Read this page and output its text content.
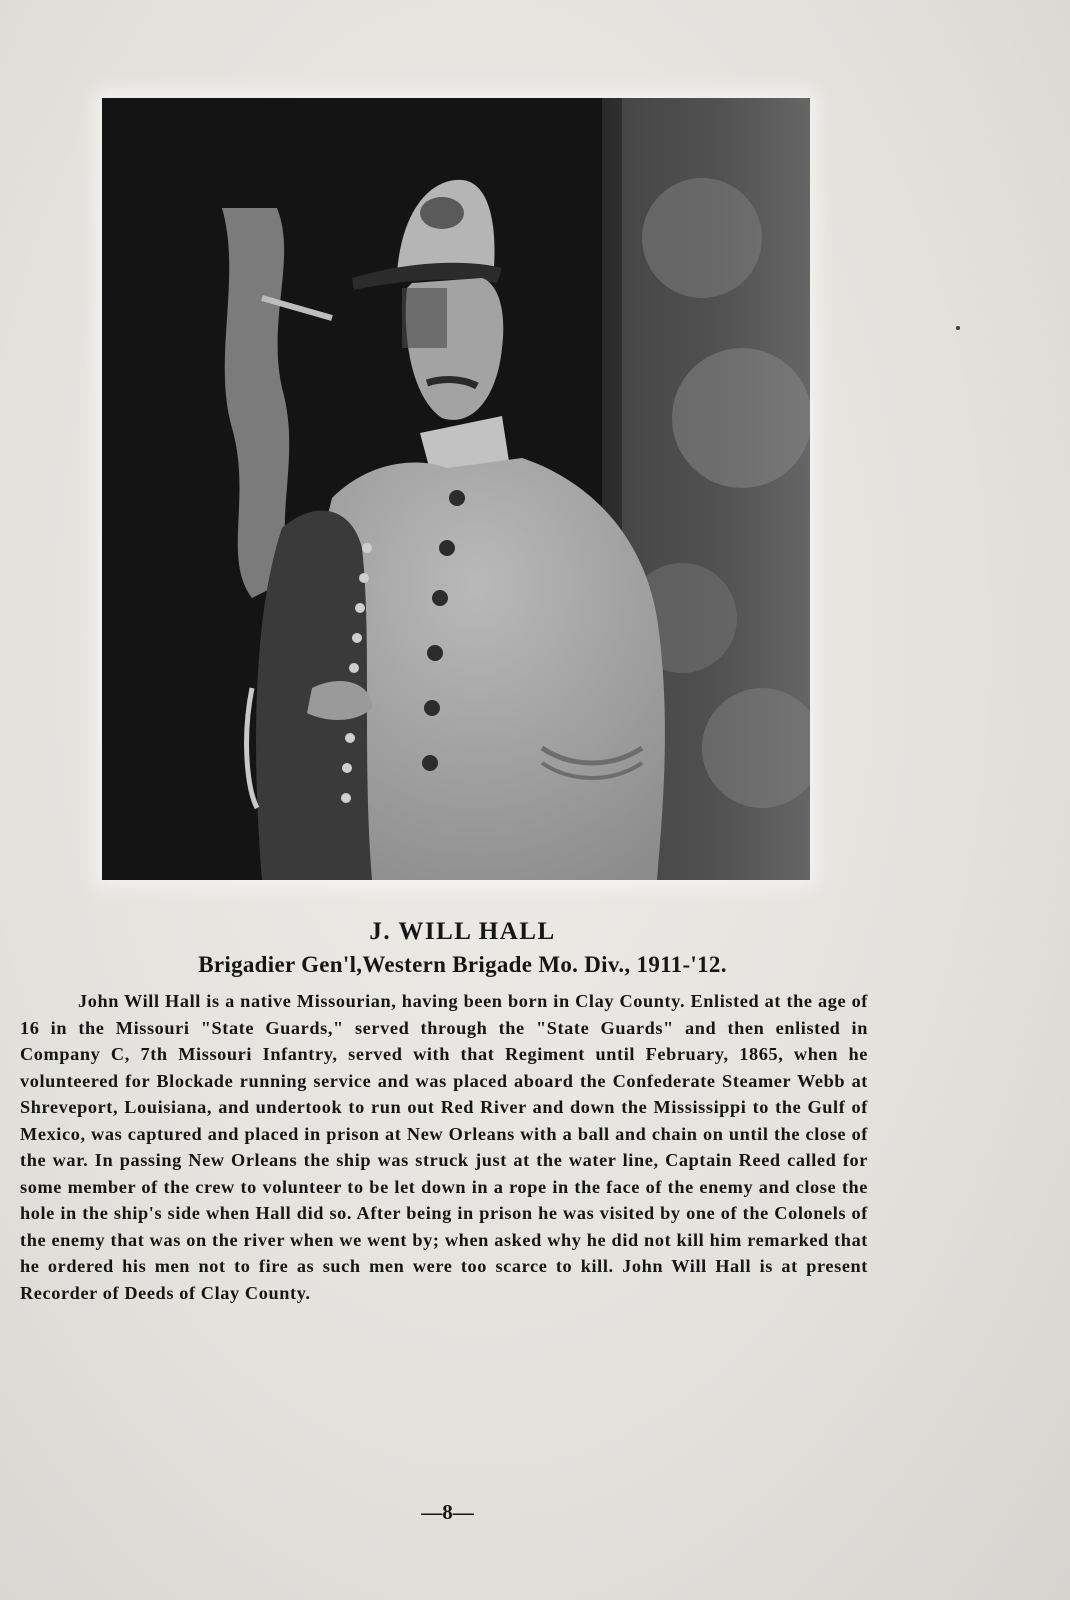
J. WILL HALL
Brigadier Gen'l,Western Brigade Mo. Div., 1911-'12.

John Will Hall is a native Missourian, having been born in Clay County. Enlisted at the age of 16 in the Missouri "State Guards," served through the "State Guards" and then enlisted in Company C, 7th Missouri Infantry, served with that Regiment until February, 1865, when he volunteered for Blockade running service and was placed aboard the Confederate Steamer Webb at Shreveport, Louisiana, and undertook to run out Red River and down the Mississippi to the Gulf of Mexico, was captured and placed in prison at New Orleans with a ball and chain on until the close of the war. In passing New Orleans the ship was struck just at the water line, Captain Reed called for some member of the crew to volunteer to be let down in a rope in the face of the enemy and close the hole in the ship's side when Hall did so. After being in prison he was visited by one of the Colonels of the enemy that was on the river when we went by; when asked why he did not kill him remarked that he ordered his men not to fire as such men were too scarce to kill. John Will Hall is at present Recorder of Deeds of Clay County.

—8—
